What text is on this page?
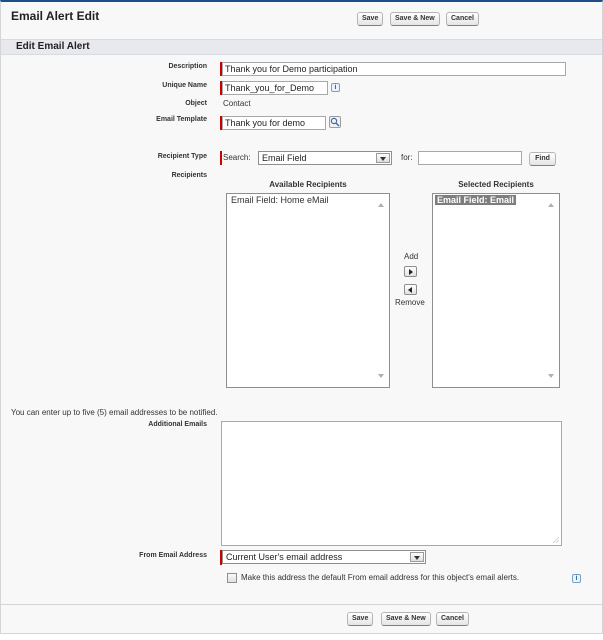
Email Alert Edit	Save	Save & New	Cancel
Edit Email Alert
Description	Thank you for Demo participation
Unique Name	Thank_you_for_Demo	i
Object Contact
Email Template	Thank you for demo
Recipient Type Search:	Email Field	for:	Find
Recipients
Available Recipients	Selected Recipients
Email Field: Home eMail
Add
Remove
Email Field: Email
You can enter up to five (5) email addresses to be notified.
Additional Emails
From Email Address	Current User's email address
Make this address the default From email address for this object's email alerts.	i
Save	Save & New	Cancel
